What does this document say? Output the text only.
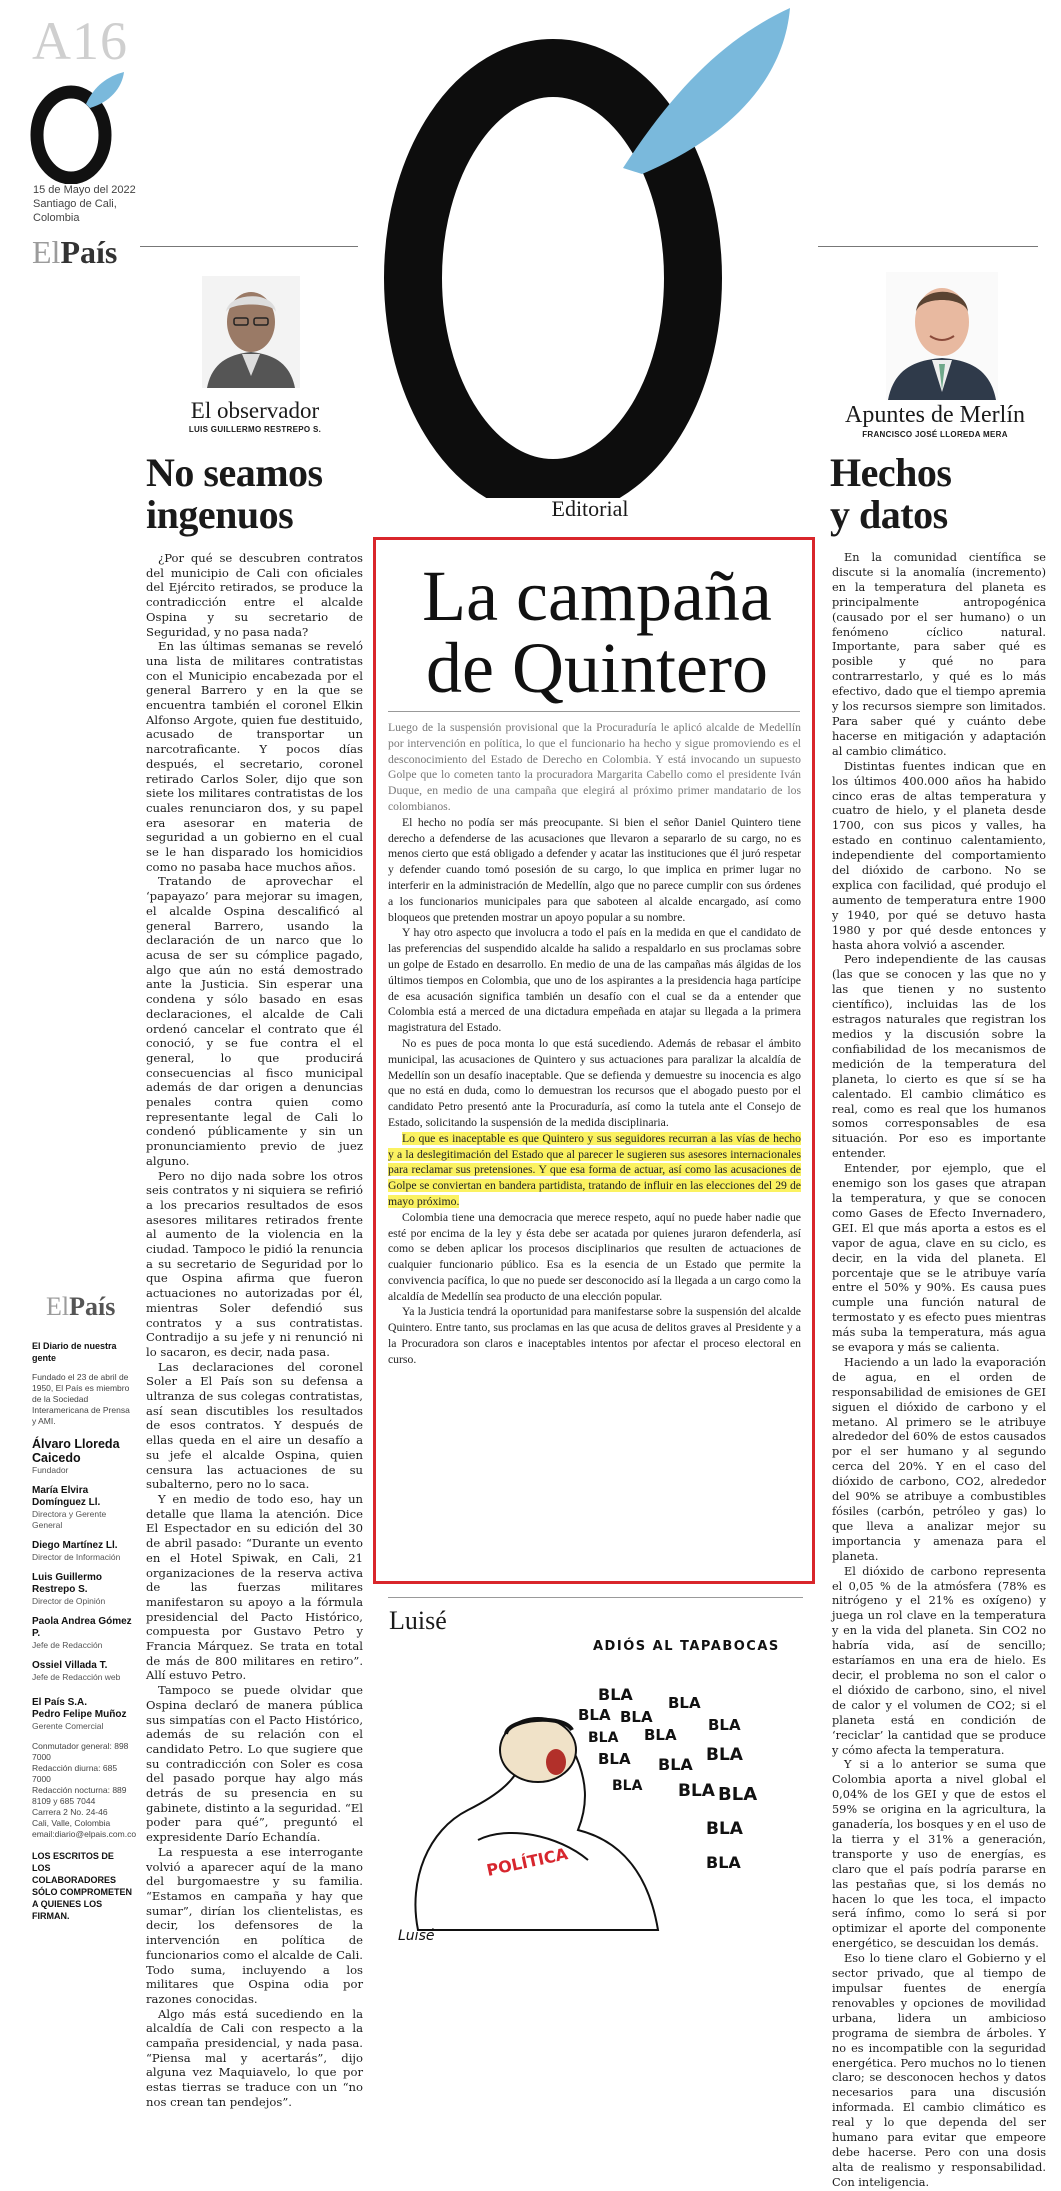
A16
15 de Mayo del 2022 Santiago de Cali, Colombia
ElPaís
Editorial
El observador
LUIS GUILLERMO RESTREPO S.
No seamos
ingenuos

¿Por qué se descubren contratos del municipio de Cali con oficiales del Ejército retirados, se produce la contradicción entre el alcalde Ospina y su secretario de Seguridad, y no pasa nada?

En las últimas semanas se reveló una lista de militares contratistas con el Municipio encabezada por el general Barrero y en la que se encuentra también el coronel Elkin Alfonso Argote, quien fue destituido, acusado de transportar un narcotraficante. Y pocos días después, el secretario, coronel retirado Carlos Soler, dijo que son siete los militares contratistas de los cuales renunciaron dos, y su papel era asesorar en materia de seguridad a un gobierno en el cual se le han disparado los homicidios como no pasaba hace muchos años.

Tratando de aprovechar el ‘papayazo’ para mejorar su imagen, el alcalde Ospina descalificó al general Barrero, usando la declaración de un narco que lo acusa de ser su cómplice pagado, algo que aún no está demostrado ante la Justicia. Sin esperar una condena y sólo basado en esas declaraciones, el alcalde de Cali ordenó cancelar el contrato que él conoció, y se fue contra el el general, lo que producirá consecuencias al fisco municipal además de dar origen a denuncias penales contra quien como representante legal de Cali lo condenó públicamente y sin un pronunciamiento previo de juez alguno.

Pero no dijo nada sobre los otros seis contratos y ni siquiera se refirió a los precarios resultados de esos asesores militares retirados frente al aumento de la violencia en la ciudad. Tampoco le pidió la renuncia a su secretario de Seguridad por lo que Ospina afirma que fueron actuaciones no autorizadas por él, mientras Soler defendió sus contratos y a sus contratistas. Contradijo a su jefe y ni renunció ni lo sacaron, es decir, nada pasa.

Las declaraciones del coronel Soler a El País son su defensa a ultranza de sus colegas contratistas, así sean discutibles los resultados de esos contratos. Y después de ellas queda en el aire un desafío a su jefe el alcalde Ospina, quien censura las actuaciones de su subalterno, pero no lo saca.

Y en medio de todo eso, hay un detalle que llama la atención. Dice El Espectador en su edición del 30 de abril pasado: “Durante un evento en el Hotel Spiwak, en Cali, 21 organizaciones de la reserva activa de las fuerzas militares manifestaron su apoyo a la fórmula presidencial del Pacto Histórico, compuesta por Gustavo Petro y Francia Márquez. Se trata en total de más de 800 militares en retiro”. Allí estuvo Petro.

Tampoco se puede olvidar que Ospina declaró de manera pública sus simpatías con el Pacto Histórico, además de su relación con el candidato Petro. Lo que sugiere que su contradicción con Soler es cosa del pasado porque hay algo más detrás de su presencia en su gabinete, distinto a la seguridad. “El poder para qué”, preguntó el expresidente Darío Echandía.

La respuesta a ese interrogante volvió a aparecer aquí de la mano del burgomaestre y su familia. “Estamos en campaña y hay que sumar”, dirían los clientelistas, es decir, los defensores de la intervención en política de funcionarios como el alcalde de Cali. Todo suma, incluyendo a los militares que Ospina odia por razones conocidas.

Algo más está sucediendo en la alcaldía de Cali con respecto a la campaña presidencial, y nada pasa. “Piensa mal y acertarás”, dijo alguna vez Maquiavelo, lo que por estas tierras se traduce con un “no nos crean tan pendejos”.

Apuntes de Merlín
FRANCISCO JOSÉ LLOREDA MERA
Hechos
y datos

En la comunidad científica se discute si la anomalía (incremento) en la temperatura del planeta es principalmente antropogénica (causado por el ser humano) o un fenómeno cíclico natural. Importante, para saber qué es posible y qué no para contrarrestarlo, y qué es lo más efectivo, dado que el tiempo apremia y los recursos siempre son limitados. Para saber qué y cuánto debe hacerse en mitigación y adaptación al cambio climático.

Distintas fuentes indican que en los últimos 400.000 años ha habido cinco eras de altas temperatura y cuatro de hielo, y el planeta desde 1700, con sus picos y valles, ha estado en continuo calentamiento, independiente del comportamiento del dióxido de carbono. No se explica con facilidad, qué produjo el aumento de temperatura entre 1900 y 1940, por qué se detuvo hasta 1980 y por qué desde entonces y hasta ahora volvió a ascender.

Pero independiente de las causas (las que se conocen y las que no y las que tienen y no sustento científico), incluidas las de los estragos naturales que registran los medios y la discusión sobre la confiabilidad de los mecanismos de medición de la temperatura del planeta, lo cierto es que sí se ha calentado. El cambio climático es real, como es real que los humanos somos corresponsables de esa situación. Por eso es importante entender.

Entender, por ejemplo, que el enemigo son los gases que atrapan la temperatura, y que se conocen como Gases de Efecto Invernadero, GEI. El que más aporta a estos es el vapor de agua, clave en su ciclo, es decir, en la vida del planeta. El porcentaje que se le atribuye varía entre el 50% y 90%. Es causa pues cumple una función natural de termostato y es efecto pues mientras más suba la temperatura, más agua se evapora y más se calienta.

Haciendo a un lado la evaporación de agua, en el orden de responsabilidad de emisiones de GEI siguen el dióxido de carbono y el metano. Al primero se le atribuye alrededor del 60% de estos causados por el ser humano y al segundo cerca del 20%. Y en el caso del dióxido de carbono, CO2, alrededor del 90% se atribuye a combustibles fósiles (carbón, petróleo y gas) lo que lleva a analizar mejor su importancia y amenaza para el planeta.

El dióxido de carbono representa el 0,05 % de la atmósfera (78% es nitrógeno y el 21% es oxígeno) y juega un rol clave en la temperatura y en la vida del planeta. Sin CO2 no habría vida, así de sencillo; estaríamos en una era de hielo. Es decir, el problema no son el calor o el dióxido de carbono, sino, el nivel de calor y el volumen de CO2; si el planeta está en condición de ‘reciclar’ la cantidad que se produce y cómo afecta la temperatura.

Y si a lo anterior se suma que Colombia aporta a nivel global el 0,04% de los GEI y que de estos el 59% se origina en la agricultura, la ganadería, los bosques y en el uso de la tierra y el 31% a generación, transporte y uso de energías, es claro que el país podría pararse en las pestañas que, si los demás no hacen lo que les toca, el impacto será ínfimo, como lo será si por optimizar el aporte del componente energético, se descuidan los demás.

Eso lo tiene claro el Gobierno y el sector privado, que al tiempo de impulsar fuentes de energía renovables y opciones de movilidad urbana, lidera un ambicioso programa de siembra de árboles. Y no es incompatible con la seguridad energética. Pero muchos no lo tienen claro; se desconocen hechos y datos necesarios para una discusión informada. El cambio climático es real y lo que dependa del ser humano para evitar que empeore debe hacerse. Pero con una dosis alta de realismo y responsabilidad. Con inteligencia.

La campaña
de Quintero

Luego de la suspensión provisional que la Procuraduría le aplicó alcalde de Medellín por intervención en política, lo que el funcionario ha hecho y sigue promoviendo es el desconocimiento del Estado de Derecho en Colombia. Y está invocando un supuesto Golpe que lo cometen tanto la procuradora Margarita Cabello como el presidente Iván Duque, en medio de una campaña que elegirá al próximo primer mandatario de los colombianos.

El hecho no podía ser más preocupante. Si bien el señor Daniel Quintero tiene derecho a defenderse de las acusaciones que llevaron a separarlo de su cargo, no es menos cierto que está obligado a defender y acatar las instituciones que él juró respetar y defender cuando tomó posesión de su cargo, lo que implica en primer lugar no interferir en la administración de Medellín, algo que no parece cumplir con sus órdenes a los funcionarios municipales para que saboteen al alcalde encargado, así como bloqueos que pretenden mostrar un apoyo popular a su nombre.

Y hay otro aspecto que involucra a todo el país en la medida en que el candidato de las preferencias del suspendido alcalde ha salido a respaldarlo en sus proclamas sobre un golpe de Estado en desarrollo. En medio de una de las campañas más álgidas de los últimos tiempos en Colombia, que uno de los aspirantes a la presidencia haga partícipe de esa acusación significa también un desafío con el cual se da a entender que Colombia está a merced de una dictadura empeñada en atajar su llegada a la primera magistratura del Estado.

No es pues de poca monta lo que está sucediendo. Además de rebasar el ámbito municipal, las acusaciones de Quintero y sus actuaciones para paralizar la alcaldía de Medellín son un desafío inaceptable. Que se defienda y demuestre su inocencia es algo que no está en duda, como lo demuestran los recursos que el abogado puesto por el candidato Petro presentó ante la Procuraduría, así como la tutela ante el Consejo de Estado, solicitando la suspensión de la medida disciplinaria.

Lo que es inaceptable es que Quintero y sus seguidores recurran a las vías de hecho y a la deslegitimación del Estado que al parecer le sugieren sus asesores internacionales para reclamar sus pretensiones. Y que esa forma de actuar, así como las acusaciones de Golpe se conviertan en bandera partidista, tratando de influir en las elecciones del 29 de mayo próximo.

Colombia tiene una democracia que merece respeto, aquí no puede haber nadie que esté por encima de la ley y ésta debe ser acatada por quienes juraron defenderla, así como se deben aplicar los procesos disciplinarios que resulten de actuaciones de cualquier funcionario público. Esa es la esencia de un Estado que permite la convivencia pacífica, lo que no puede ser desconocido así la llegada a un cargo como la alcaldía de Medellín sea producto de una elección popular.

Ya la Justicia tendrá la oportunidad para manifestarse sobre la suspensión del alcalde Quintero. Entre tanto, sus proclamas en las que acusa de delitos graves al Presidente y a la Procuradora son claros e inaceptables intentos por afectar el proceso electoral en curso.

ElPaís
El Diario de nuestra gente
Fundado el 23 de abril de 1950, El País es miembro de la Sociedad Interamericana de Prensa y AMI.
Álvaro Lloreda Caicedo
Fundador
María Elvira Domínguez Ll.
Directora y Gerente General
Diego Martínez Ll.
Director de Información
Luis Guillermo Restrepo S.
Director de Opinión
Paola Andrea Gómez P.
Jefe de Redacción
Ossiel Villada T.
Jefe de Redacción web
El País S.A.
Pedro Felipe Muñoz
Gerente Comercial
Conmutador general: 898 7000
Redacción diurna: 685 7000
Redacción nocturna: 889 8109 y 685 7044
Carrera 2 No. 24-46
Cali, Valle, Colombia
email:diario@elpais.com.co
LOS ESCRITOS DE LOS COLABORADORES SÓLO COMPROMETEN A QUIENES LOS FIRMAN.
Luisé
ADIÓS AL TAPABOCAS
POLÍTICA
BLA
BLA BLA
BLA
BLA BLA
BLA
BLA BLA BLA
BLA BLA BLA
BLA
BLA
Luisé
